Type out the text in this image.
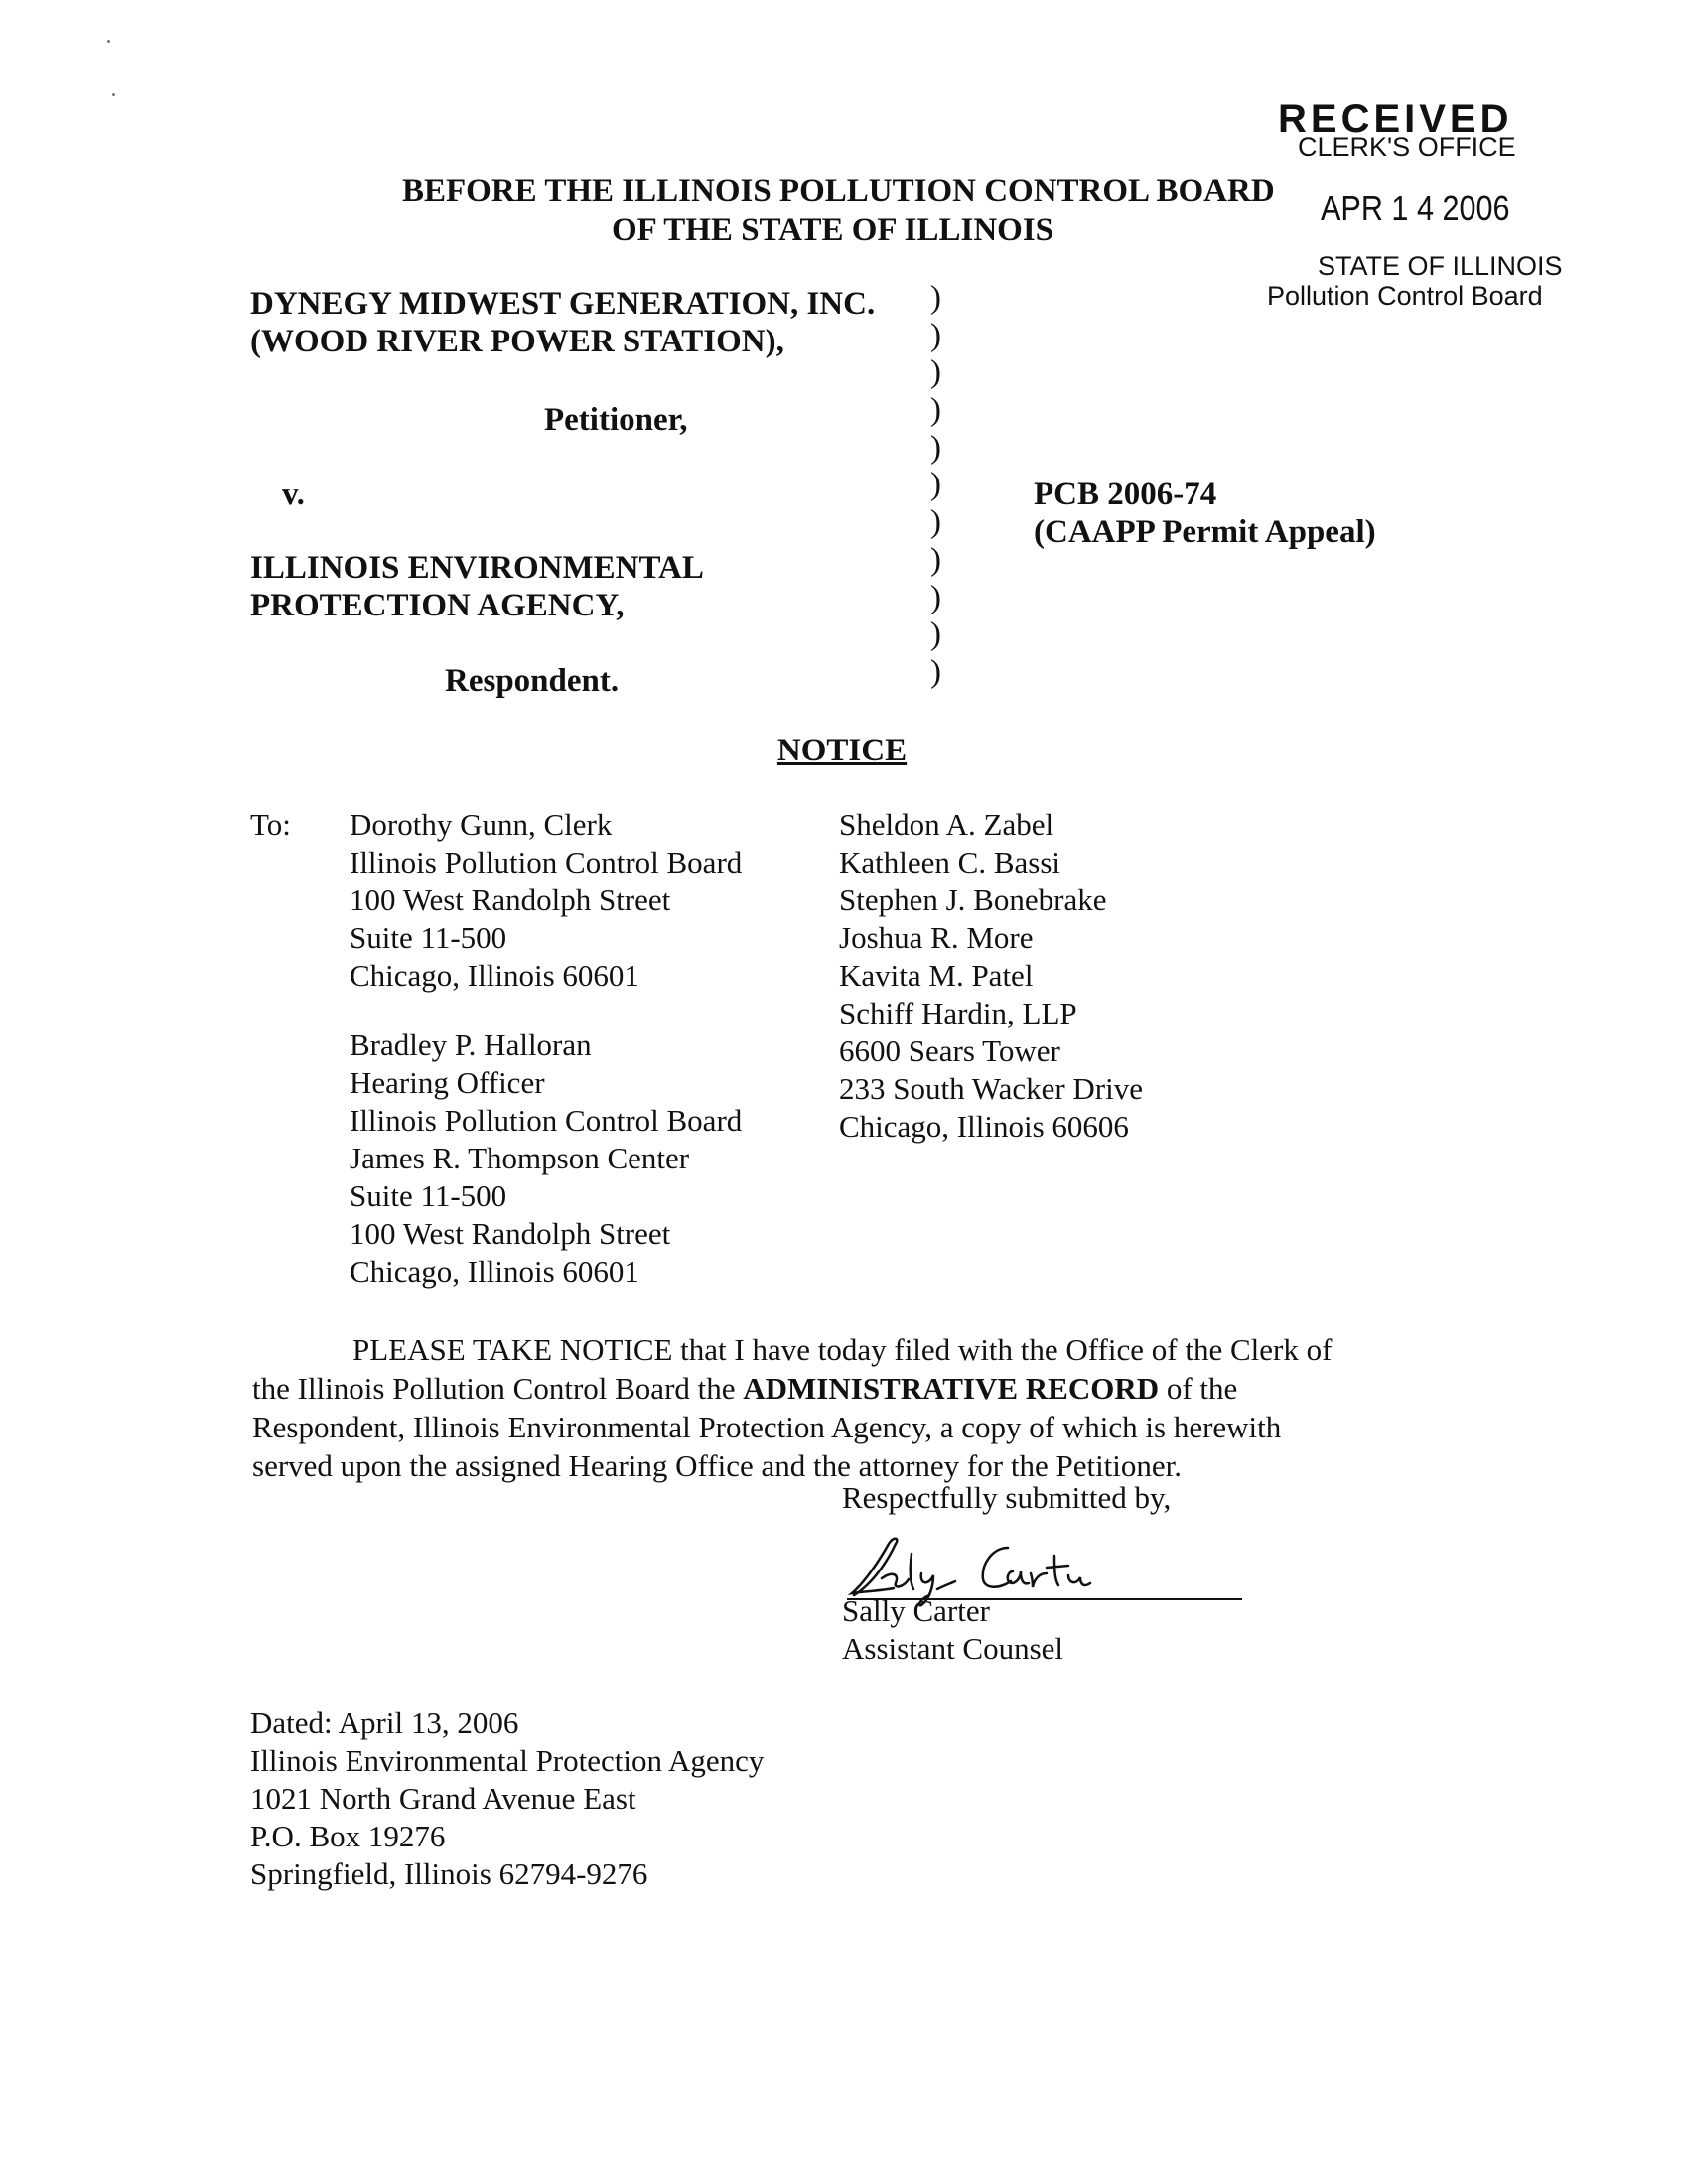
RECEIVED
CLERK'S OFFICE
APR 1 4 2006
STATE OF ILLINOIS
Pollution Control Board
BEFORE THE ILLINOIS POLLUTION CONTROL BOARD
OF THE STATE OF ILLINOIS
DYNEGY MIDWEST GENERATION, INC.
(WOOD RIVER POWER STATION),
Petitioner,
v.
ILLINOIS ENVIRONMENTAL
PROTECTION AGENCY,
Respondent.
)
)
)
)
)
)
)
)
)
)
)
PCB 2006-74
(CAAPP Permit Appeal)
NOTICE
To: Dorothy Gunn, Clerk
Illinois Pollution Control Board
100 West Randolph Street
Suite 11-500
Chicago, Illinois 60601
Bradley P. Halloran
Hearing Officer
Illinois Pollution Control Board
James R. Thompson Center
Suite 11-500
100 West Randolph Street
Chicago, Illinois 60601
Sheldon A. Zabel
Kathleen C. Bassi
Stephen J. Bonebrake
Joshua R. More
Kavita M. Patel
Schiff Hardin, LLP
6600 Sears Tower
233 South Wacker Drive
Chicago, Illinois 60606
PLEASE TAKE NOTICE that I have today filed with the Office of the Clerk of
the Illinois Pollution Control Board the ADMINISTRATIVE RECORD of the
Respondent, Illinois Environmental Protection Agency, a copy of which is herewith
served upon the assigned Hearing Office and the attorney for the Petitioner.
Respectfully submitted by,
Sally Carter
Assistant Counsel
Dated: April 13, 2006
Illinois Environmental Protection Agency
1021 North Grand Avenue East
P.O. Box 19276
Springfield, Illinois 62794-9276
